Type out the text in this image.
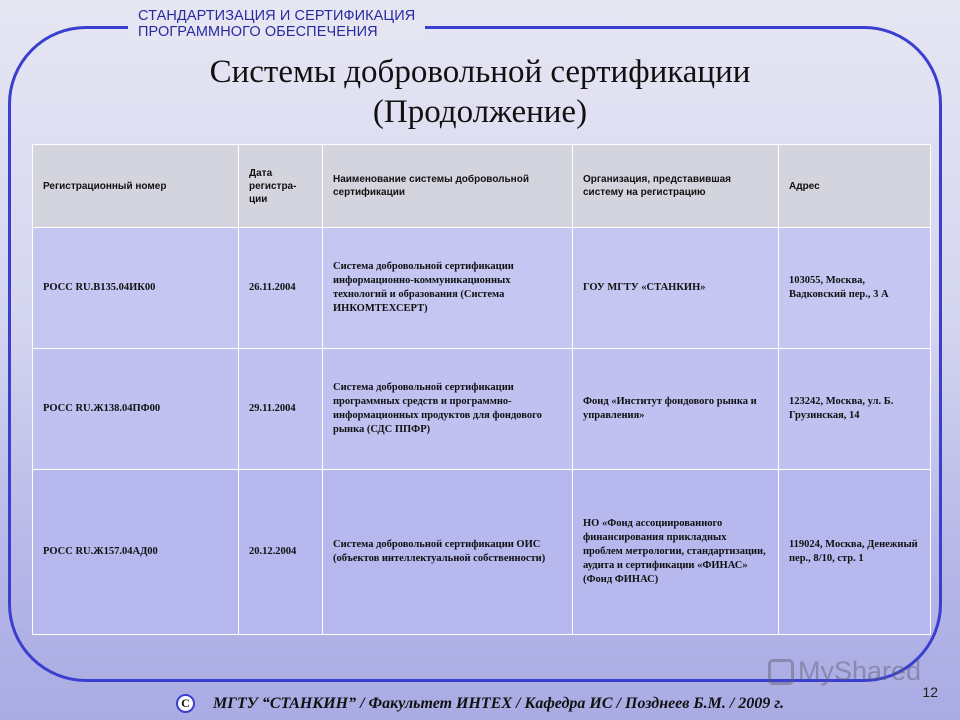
СТАНДАРТИЗАЦИЯ И СЕРТИФИКАЦИЯ
ПРОГРАММНОГО ОБЕСПЕЧЕНИЯ
Системы добровольной сертификации
(Продолжение)
Регистрационный номер	Дата регистра-ции	Наименование системы добровольной сертификации	Организация, представившая систему на регистрацию	Адрес
РОСС RU.В135.04ИК00	26.11.2004	Система добровольной сертификации информационно-коммуникационных технологий и образования (Система ИНКОМТЕХСЕРТ)	ГОУ МГТУ «СТАНКИН»	103055, Москва, Вадковский пер., 3 А
РОСС RU.Ж138.04ПФ00	29.11.2004	Система добровольной сертификации программных средств и программно-информационных продуктов для фондового рынка (СДС ППФР)	Фонд «Институт фондового рынка и управления»	123242, Москва, ул. Б. Грузинская, 14
РОСС RU.Ж157.04АД00	20.12.2004	Система добровольной сертификации ОИС (объектов интеллектуальной собственности)	НО «Фонд ассоциированного финансирования прикладных проблем метрологии, стандартизации, аудита и сертификации «ФИНАС» (Фонд ФИНАС)	119024, Москва, Денежный пер., 8/10, стр. 1
MyShared
12
C	МГТУ “СТАНКИН” / Факультет ИНТЕХ / Кафедра ИС / Позднеев Б.М. / 2009 г.
